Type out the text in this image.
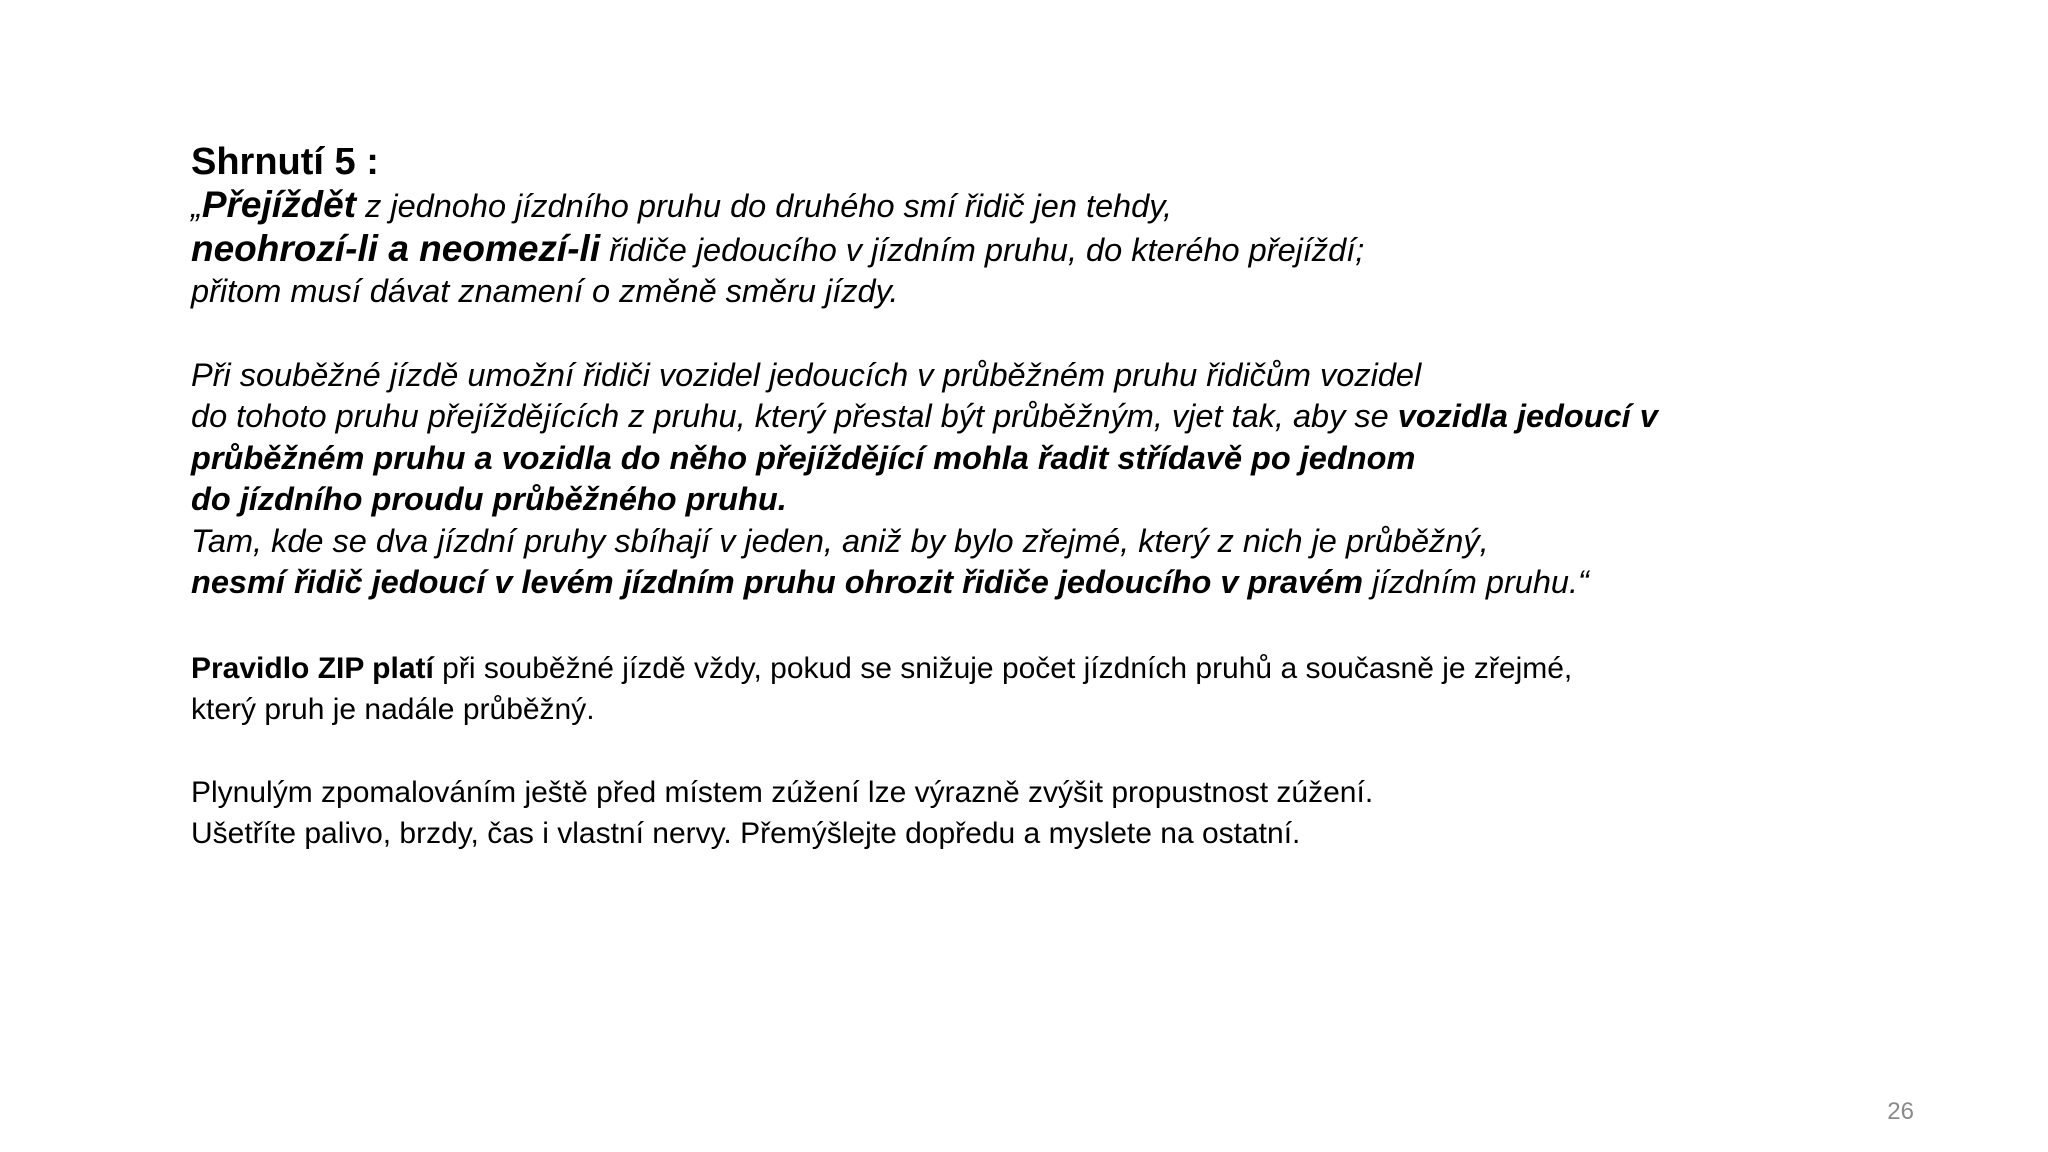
Shrnutí 5 :
„Přejíždět z jednoho jízdního pruhu do druhého smí řidič jen tehdy,
neohrozí-li a neomezí-li řidiče jedoucího v jízdním pruhu, do kterého přejíždí;
přitom musí dávat znamení o změně směru jízdy.
Při souběžné jízdě umožní řidiči vozidel jedoucích v průběžném pruhu řidičům vozidel
do tohoto pruhu přejíždějících z pruhu, který přestal být průběžným, vjet tak, aby se vozidla jedoucí v
průběžném pruhu a vozidla do něho přejíždějící mohla řadit střídavě po jednom
do jízdního proudu průběžného pruhu.
Tam, kde se dva jízdní pruhy sbíhají v jeden, aniž by bylo zřejmé, který z nich je průběžný,
nesmí řidič jedoucí v levém jízdním pruhu ohrozit řidiče jedoucího v pravém jízdním pruhu.“
Pravidlo ZIP platí při souběžné jízdě vždy, pokud se snižuje počet jízdních pruhů a současně je zřejmé,
který pruh je nadále průběžný.
Plynulým zpomalováním ještě před místem zúžení lze výrazně zvýšit propustnost zúžení.
Ušetříte palivo, brzdy, čas i vlastní nervy. Přemýšlejte dopředu a myslete na ostatní.
26
